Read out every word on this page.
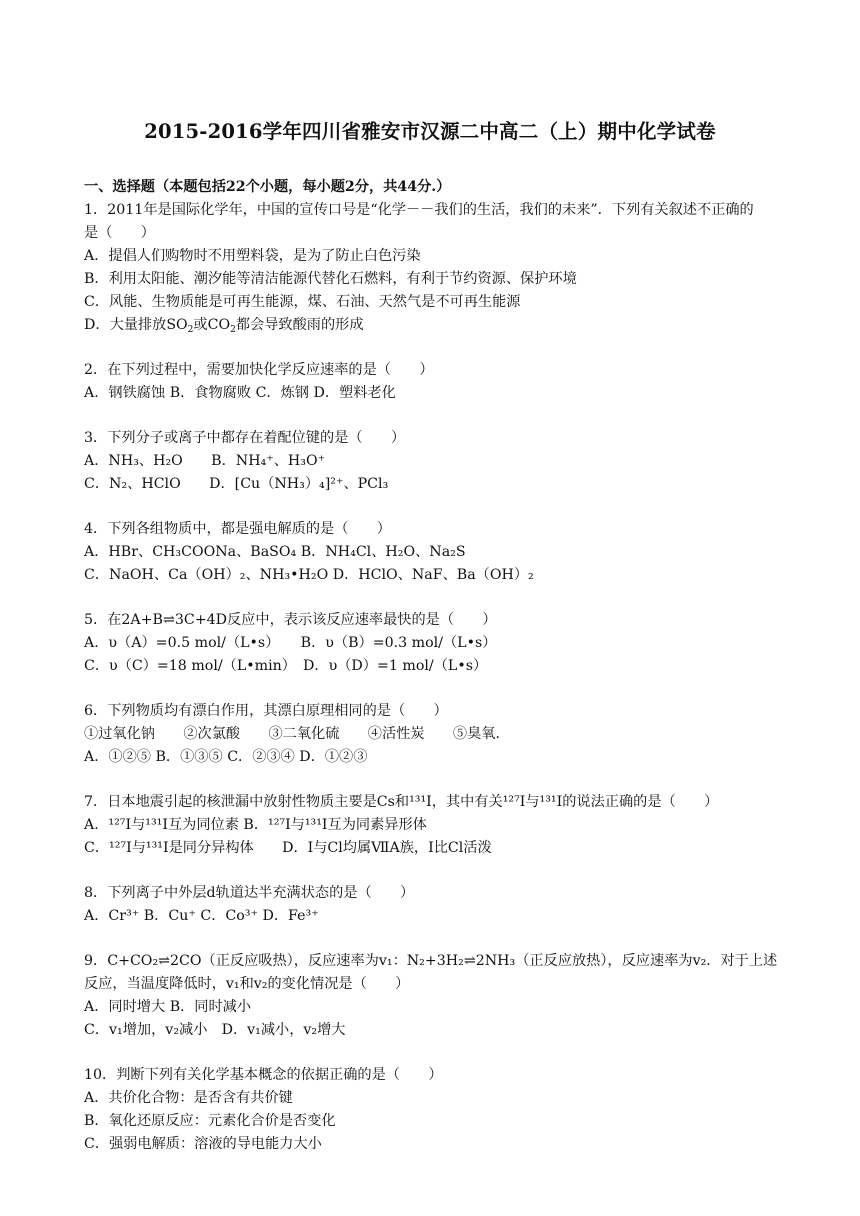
2015-2016学年四川省雅安市汉源二中高二（上）期中化学试卷
一、选择题（本题包括22个小题，每小题2分，共44分.）
1．2011年是国际化学年，中国的宣传口号是“化学－－我们的生活，我们的未来”．下列有关叙述不正确的
是（　　）
A．提倡人们购物时不用塑料袋，是为了防止白色污染
B．利用太阳能、潮汐能等清洁能源代替化石燃料，有利于节约资源、保护环境
C．风能、生物质能是可再生能源，煤、石油、天然气是不可再生能源
D．大量排放$SO_2$或$CO_2$都会导致酸雨的形成
2．在下列过程中，需要加快化学反应速率的是（　　）
A．钢铁腐蚀 B．食物腐败 C．炼钢 D．塑料老化
3．下列分子或离子中都存在着配位键的是（　　）
A．NH₃、H₂O　　B．NH₄⁺、H₃O⁺
C．N₂、HClO　　D．[Cu（NH₃）₄]²⁺、PCl₃
4．下列各组物质中，都是强电解质的是（　　）
A．HBr、CH₃COONa、BaSO₄ B．NH₄Cl、H₂O、Na₂S
C．NaOH、Ca（OH）₂、NH₃•H₂O D．HClO、NaF、Ba（OH）₂
5．在2A+B⇌3C+4D反应中，表示该反应速率最快的是（　　）
A．υ（A）=0.5 mol/（L•s）　　B．υ（B）=0.3 mol/（L•s）
C．υ（C）=18 mol/（L•min）　D．υ（D）=1 mol/（L•s）
6．下列物质均有漂白作用，其漂白原理相同的是（　　）
①过氧化钠　　②次氯酸　　③二氧化硫　　④活性炭　　⑤臭氧．
A．①②⑤ B．①③⑤ C．②③④ D．①②③
7．日本地震引起的核泄漏中放射性物质主要是Cs和¹³¹I，其中有关¹²⁷I与¹³¹I的说法正确的是（　　）
A．¹²⁷I与¹³¹I互为同位素 B．¹²⁷I与¹³¹I互为同素异形体
C．¹²⁷I与¹³¹I是同分异构体　　D．I与Cl均属ⅦA族，I比Cl活泼
8．下列离子中外层d轨道达半充满状态的是（　　）
A．Cr³⁺ B．Cu⁺ C．Co³⁺ D．Fe³⁺
9．C+CO₂⇌2CO（正反应吸热），反应速率为v₁：N₂+3H₂⇌2NH₃（正反应放热），反应速率为v₂．对于上述
反应，当温度降低时，v₁和v₂的变化情况是（　　）
A．同时增大 B．同时减小
C．v₁增加，v₂减小　D．v₁减小，v₂增大
10．判断下列有关化学基本概念的依据正确的是（　　）
A．共价化合物：是否含有共价键
B．氧化还原反应：元素化合价是否变化
C．强弱电解质：溶液的导电能力大小
